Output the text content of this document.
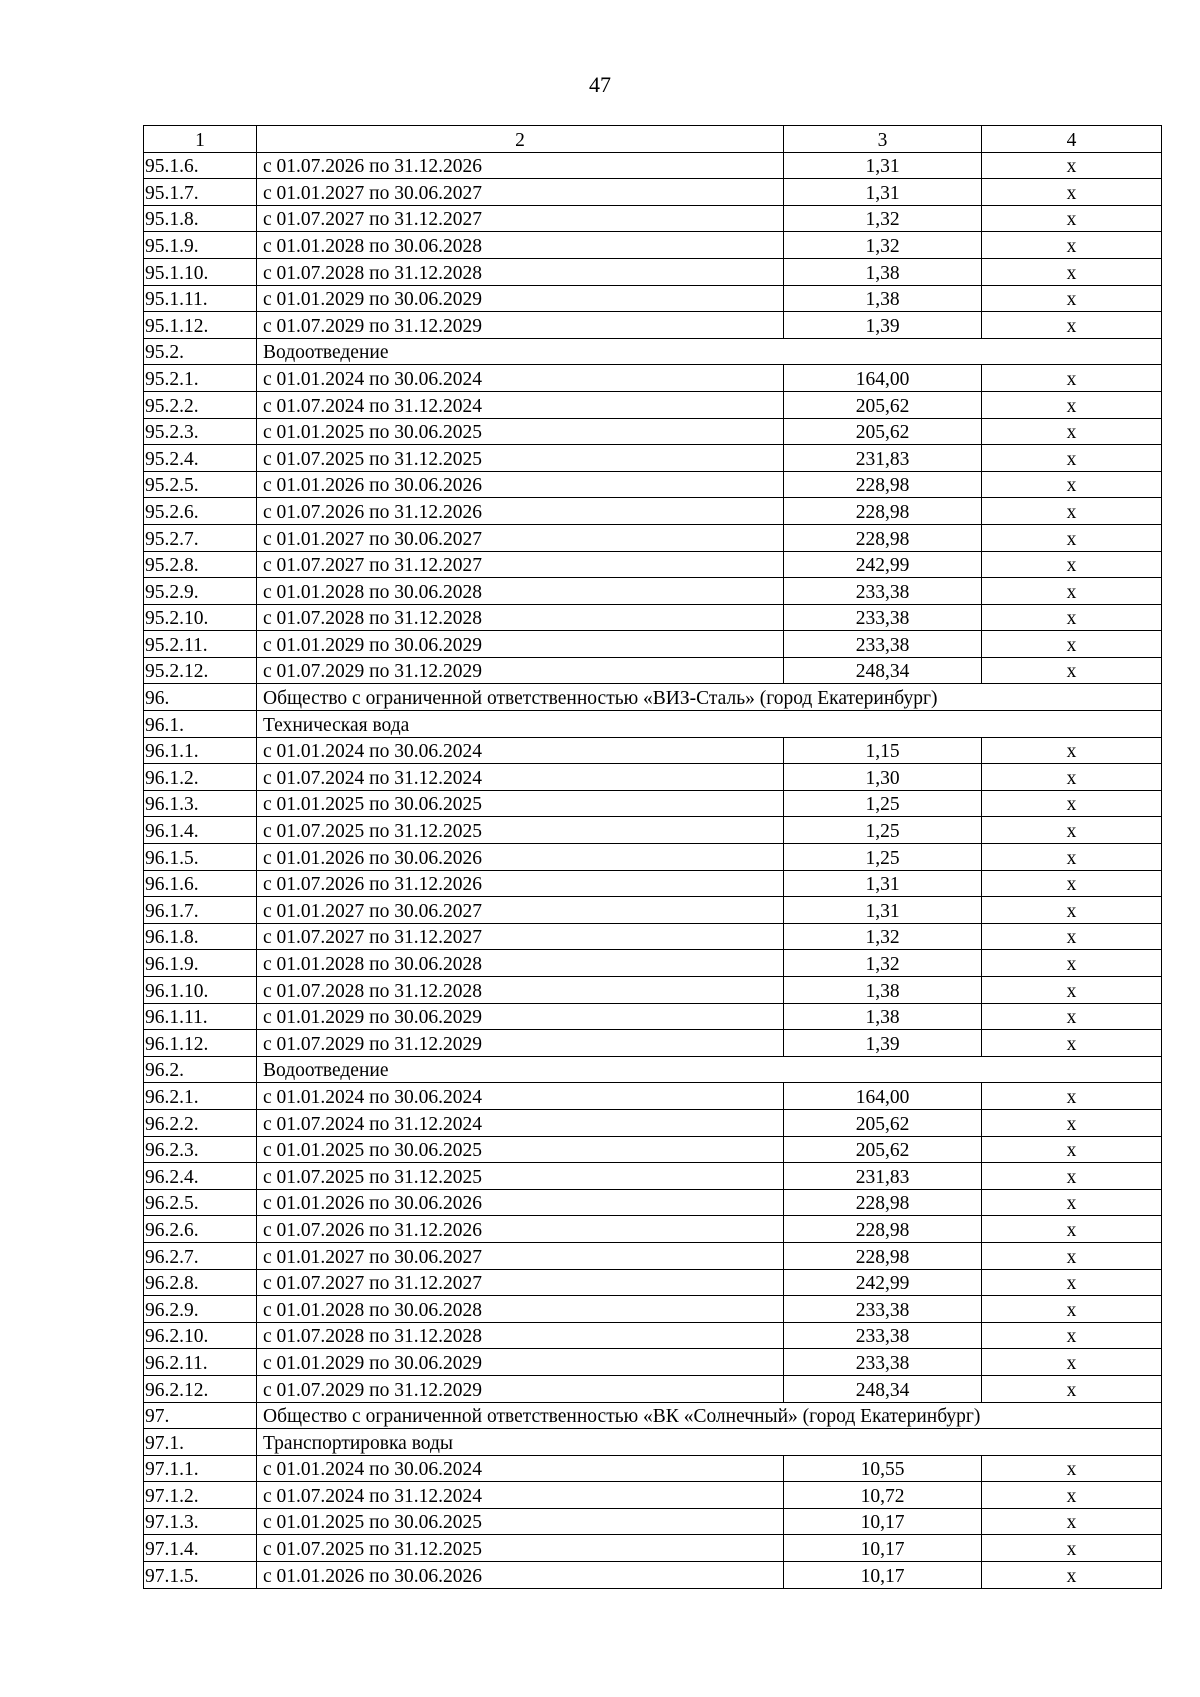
47
1	2	3	4
95.1.6.	с 01.07.2026 по 31.12.2026	1,31	х
95.1.7.	с 01.01.2027 по 30.06.2027	1,31	х
95.1.8.	с 01.07.2027 по 31.12.2027	1,32	х
95.1.9.	с 01.01.2028 по 30.06.2028	1,32	х
95.1.10.	с 01.07.2028 по 31.12.2028	1,38	х
95.1.11.	с 01.01.2029 по 30.06.2029	1,38	х
95.1.12.	с 01.07.2029 по 31.12.2029	1,39	х
95.2.	Водоотведение		
95.2.1.	с 01.01.2024 по 30.06.2024	164,00	х
95.2.2.	с 01.07.2024 по 31.12.2024	205,62	х
95.2.3.	с 01.01.2025 по 30.06.2025	205,62	х
95.2.4.	с 01.07.2025 по 31.12.2025	231,83	х
95.2.5.	с 01.01.2026 по 30.06.2026	228,98	х
95.2.6.	с 01.07.2026 по 31.12.2026	228,98	х
95.2.7.	с 01.01.2027 по 30.06.2027	228,98	х
95.2.8.	с 01.07.2027 по 31.12.2027	242,99	х
95.2.9.	с 01.01.2028 по 30.06.2028	233,38	х
95.2.10.	с 01.07.2028 по 31.12.2028	233,38	х
95.2.11.	с 01.01.2029 по 30.06.2029	233,38	х
95.2.12.	с 01.07.2029 по 31.12.2029	248,34	х
96.	Общество с ограниченной ответственностью «ВИЗ-Сталь» (город Екатеринбург)		
96.1.	Техническая вода		
96.1.1.	с 01.01.2024 по 30.06.2024	1,15	х
96.1.2.	с 01.07.2024 по 31.12.2024	1,30	х
96.1.3.	с 01.01.2025 по 30.06.2025	1,25	х
96.1.4.	с 01.07.2025 по 31.12.2025	1,25	х
96.1.5.	с 01.01.2026 по 30.06.2026	1,25	х
96.1.6.	с 01.07.2026 по 31.12.2026	1,31	х
96.1.7.	с 01.01.2027 по 30.06.2027	1,31	х
96.1.8.	с 01.07.2027 по 31.12.2027	1,32	х
96.1.9.	с 01.01.2028 по 30.06.2028	1,32	х
96.1.10.	с 01.07.2028 по 31.12.2028	1,38	х
96.1.11.	с 01.01.2029 по 30.06.2029	1,38	х
96.1.12.	с 01.07.2029 по 31.12.2029	1,39	х
96.2.	Водоотведение		
96.2.1.	с 01.01.2024 по 30.06.2024	164,00	х
96.2.2.	с 01.07.2024 по 31.12.2024	205,62	х
96.2.3.	с 01.01.2025 по 30.06.2025	205,62	х
96.2.4.	с 01.07.2025 по 31.12.2025	231,83	х
96.2.5.	с 01.01.2026 по 30.06.2026	228,98	х
96.2.6.	с 01.07.2026 по 31.12.2026	228,98	х
96.2.7.	с 01.01.2027 по 30.06.2027	228,98	х
96.2.8.	с 01.07.2027 по 31.12.2027	242,99	х
96.2.9.	с 01.01.2028 по 30.06.2028	233,38	х
96.2.10.	с 01.07.2028 по 31.12.2028	233,38	х
96.2.11.	с 01.01.2029 по 30.06.2029	233,38	х
96.2.12.	с 01.07.2029 по 31.12.2029	248,34	х
97.	Общество с ограниченной ответственностью «ВК «Солнечный» (город Екатеринбург)		
97.1.	Транспортировка воды		
97.1.1.	с 01.01.2024 по 30.06.2024	10,55	х
97.1.2.	с 01.07.2024 по 31.12.2024	10,72	х
97.1.3.	с 01.01.2025 по 30.06.2025	10,17	х
97.1.4.	с 01.07.2025 по 31.12.2025	10,17	х
97.1.5.	с 01.01.2026 по 30.06.2026	10,17	х
